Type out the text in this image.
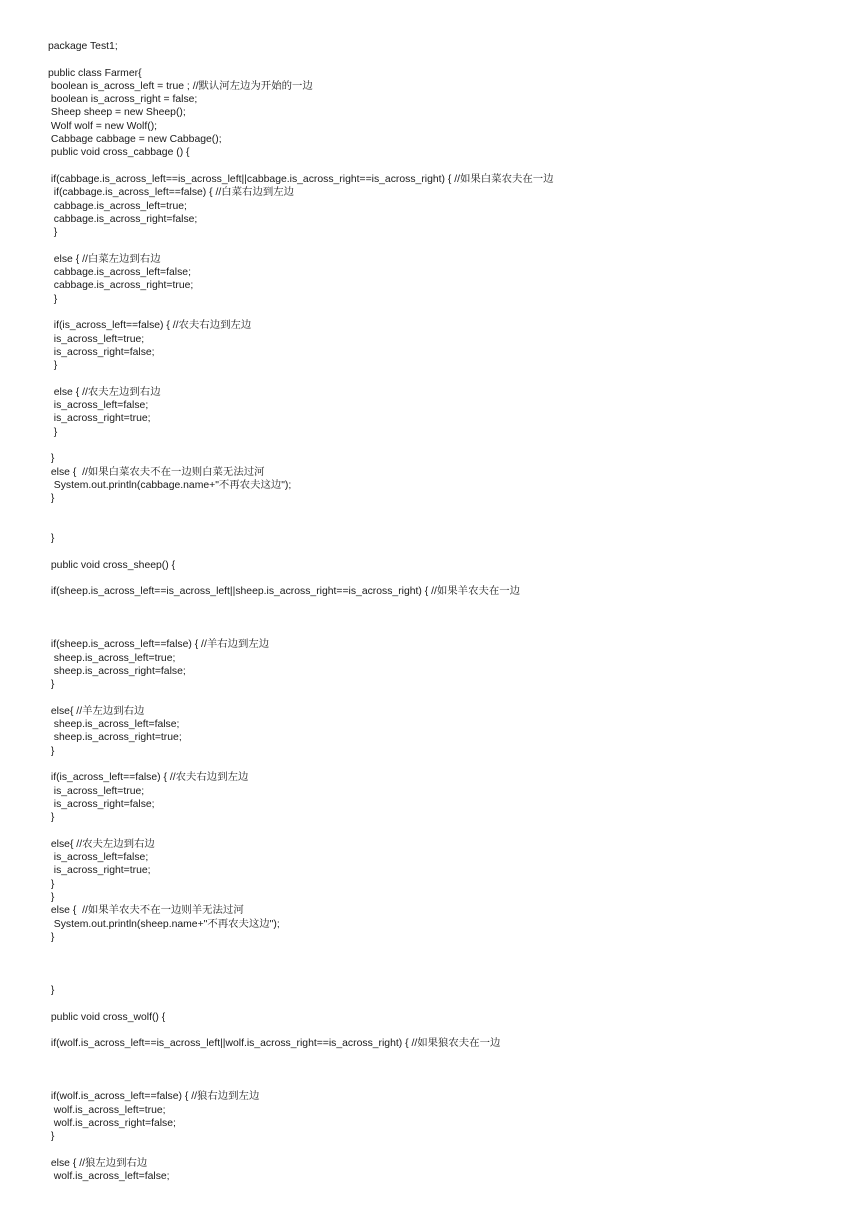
package Test1;
public class Farmer{
boolean is_across_left = true ; //默认河左边为开始的一边
boolean is_across_right = false;
Sheep sheep = new Sheep();
Wolf wolf = new Wolf();
Cabbage cabbage = new Cabbage();
public void cross_cabbage () {
if(cabbage.is_across_left==is_across_left||cabbage.is_across_right==is_across_right) { //如果白菜农夫在一边
if(cabbage.is_across_left==false) { //白菜右边到左边
cabbage.is_across_left=true;
cabbage.is_across_right=false;
}
else { //白菜左边到右边
cabbage.is_across_left=false;
cabbage.is_across_right=true;
}
if(is_across_left==false) { //农夫右边到左边
is_across_left=true;
is_across_right=false;
}
else { //农夫左边到右边
is_across_left=false;
is_across_right=true;
}
}
else {  //如果白菜农夫不在一边则白菜无法过河
System.out.println(cabbage.name+"不再农夫这边");
}
}
public void cross_sheep() {
if(sheep.is_across_left==is_across_left||sheep.is_across_right==is_across_right) { //如果羊农夫在一边
if(sheep.is_across_left==false) { //羊右边到左边
sheep.is_across_left=true;
sheep.is_across_right=false;
}
else{ //羊左边到右边
sheep.is_across_left=false;
sheep.is_across_right=true;
}
if(is_across_left==false) { //农夫右边到左边
is_across_left=true;
is_across_right=false;
}
else{ //农夫左边到右边
is_across_left=false;
is_across_right=true;
}
}
else {  //如果羊农夫不在一边则羊无法过河
System.out.println(sheep.name+"不再农夫这边");
}
}
public void cross_wolf() {
if(wolf.is_across_left==is_across_left||wolf.is_across_right==is_across_right) { //如果狼农夫在一边
if(wolf.is_across_left==false) { //狼右边到左边
wolf.is_across_left=true;
wolf.is_across_right=false;
}
else { //狼左边到右边
wolf.is_across_left=false;
